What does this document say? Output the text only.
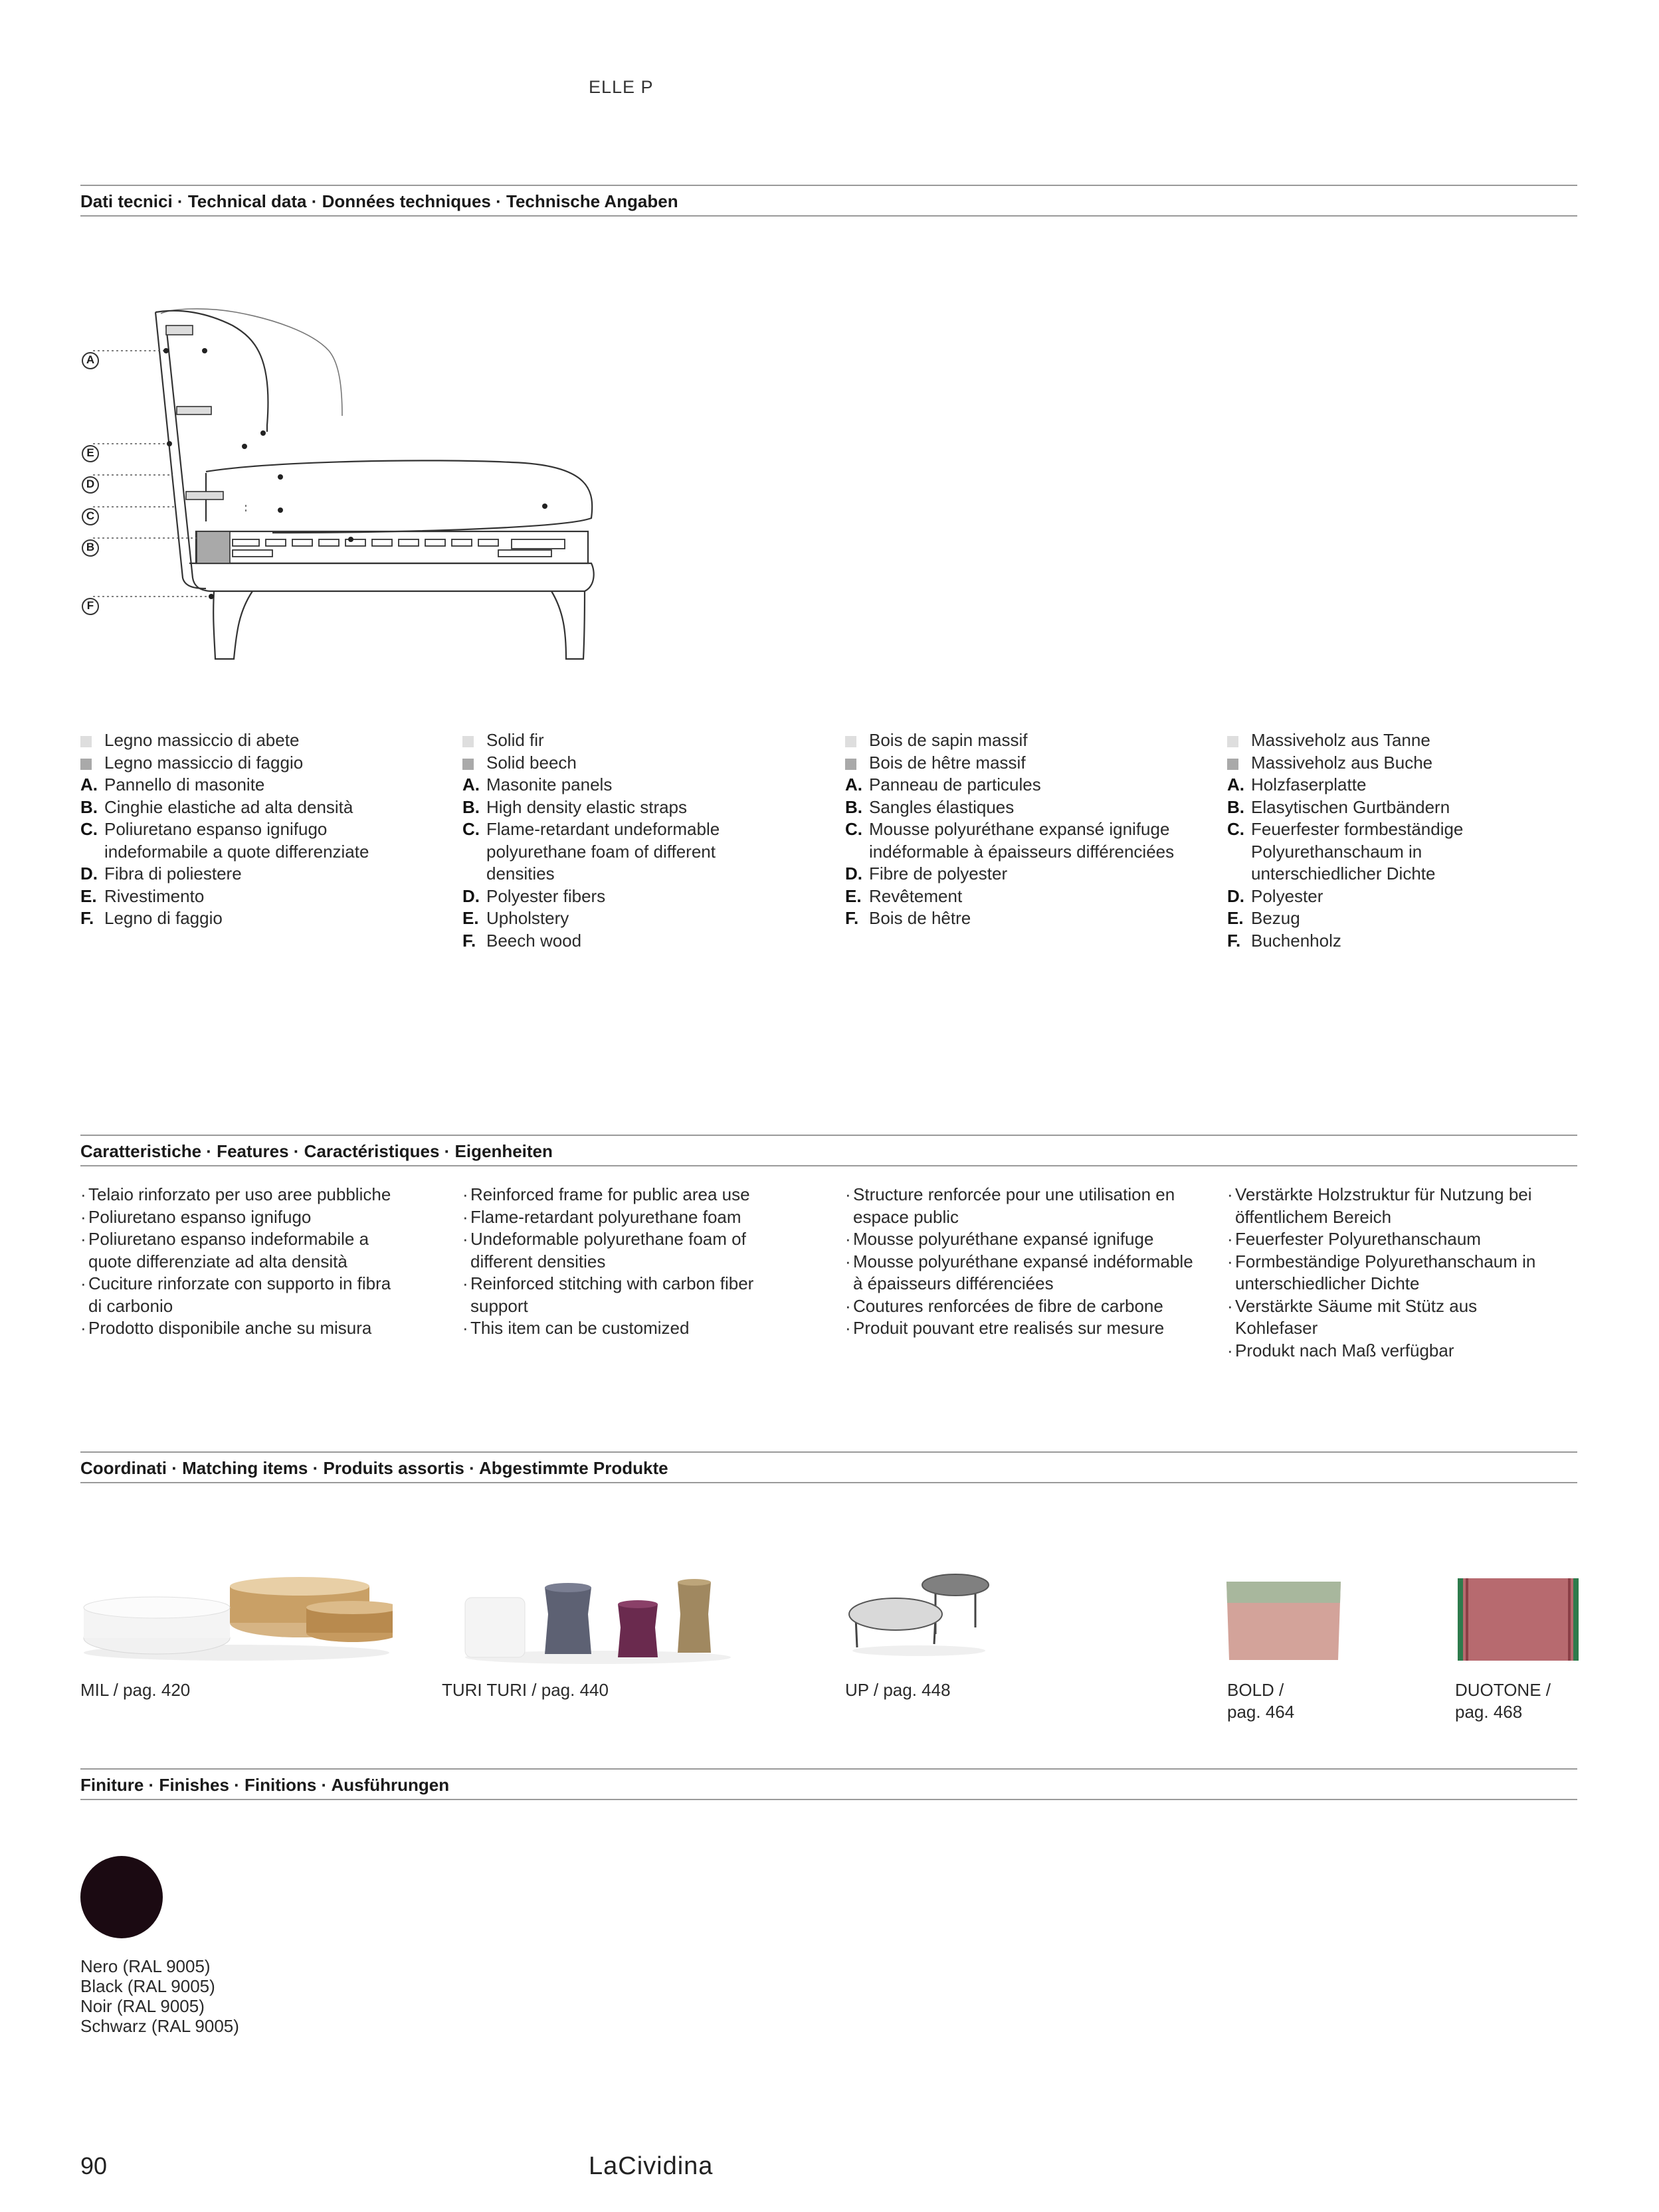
ELLE P
Dati tecnici · Technical data · Données techniques · Technische Angaben
A
E
D
C
B
F
Legno massiccio di abete
Legno massiccio di faggio
A. Pannello di masonite
B. Cinghie elastiche ad alta densità
C. Poliuretano espanso ignifugo indeformabile a quote differenziate
D. Fibra di poliestere
E. Rivestimento
F. Legno di faggio
Solid fir
Solid beech
A. Masonite panels
B. High density elastic straps
C. Flame-retardant undeformable polyurethane foam of different densities
D. Polyester fibers
E. Upholstery
F. Beech wood
Bois de sapin massif
Bois de hêtre massif
A. Panneau de particules
B. Sangles élastiques
C. Mousse polyuréthane expansé ignifuge indéformable à épaisseurs différenciées
D. Fibre de polyester
E. Revêtement
F. Bois de hêtre
Massiveholz aus Tanne
Massiveholz aus Buche
A. Holzfaserplatte
B. Elasytischen Gurtbändern
C. Feuerfester formbeständige Polyurethanschaum in unterschiedlicher Dichte
D. Polyester
E. Bezug
F. Buchenholz
Caratteristiche · Features · Caractéristiques · Eigenheiten
· Telaio rinforzato per uso aree pubbliche
· Poliuretano espanso ignifugo
· Poliuretano espanso indeformabile a quote differenziate ad alta densità
· Cuciture rinforzate con supporto in fibra di carbonio
· Prodotto disponibile anche su misura
· Reinforced frame for public area use
· Flame-retardant polyurethane foam
· Undeformable polyurethane foam of different densities
· Reinforced stitching with carbon fiber support
· This item can be customized
· Structure renforcée pour une utilisation en espace public
· Mousse polyuréthane expansé ignifuge
· Mousse polyuréthane expansé indéformable à épaisseurs différenciées
· Coutures renforcées de fibre de carbone
· Produit pouvant etre realisés sur mesure
· Verstärkte Holzstruktur für Nutzung bei öffentlichem Bereich
· Feuerfester Polyurethanschaum
· Formbeständige Polyurethanschaum in unterschiedlicher Dichte
· Verstärkte Säume mit Stütz aus Kohlefaser
· Produkt nach Maß verfügbar
Coordinati · Matching items · Produits assortis · Abgestimmte Produkte
MIL / pag. 420	TURI TURI / pag. 440	UP / pag. 448	BOLD /
pag. 464
DUOTONE /
pag. 468
Finiture · Finishes · Finitions · Ausführungen
Nero (RAL 9005)
Black (RAL 9005)
Noir (RAL 9005)
Schwarz (RAL 9005)
90	LaCividina
